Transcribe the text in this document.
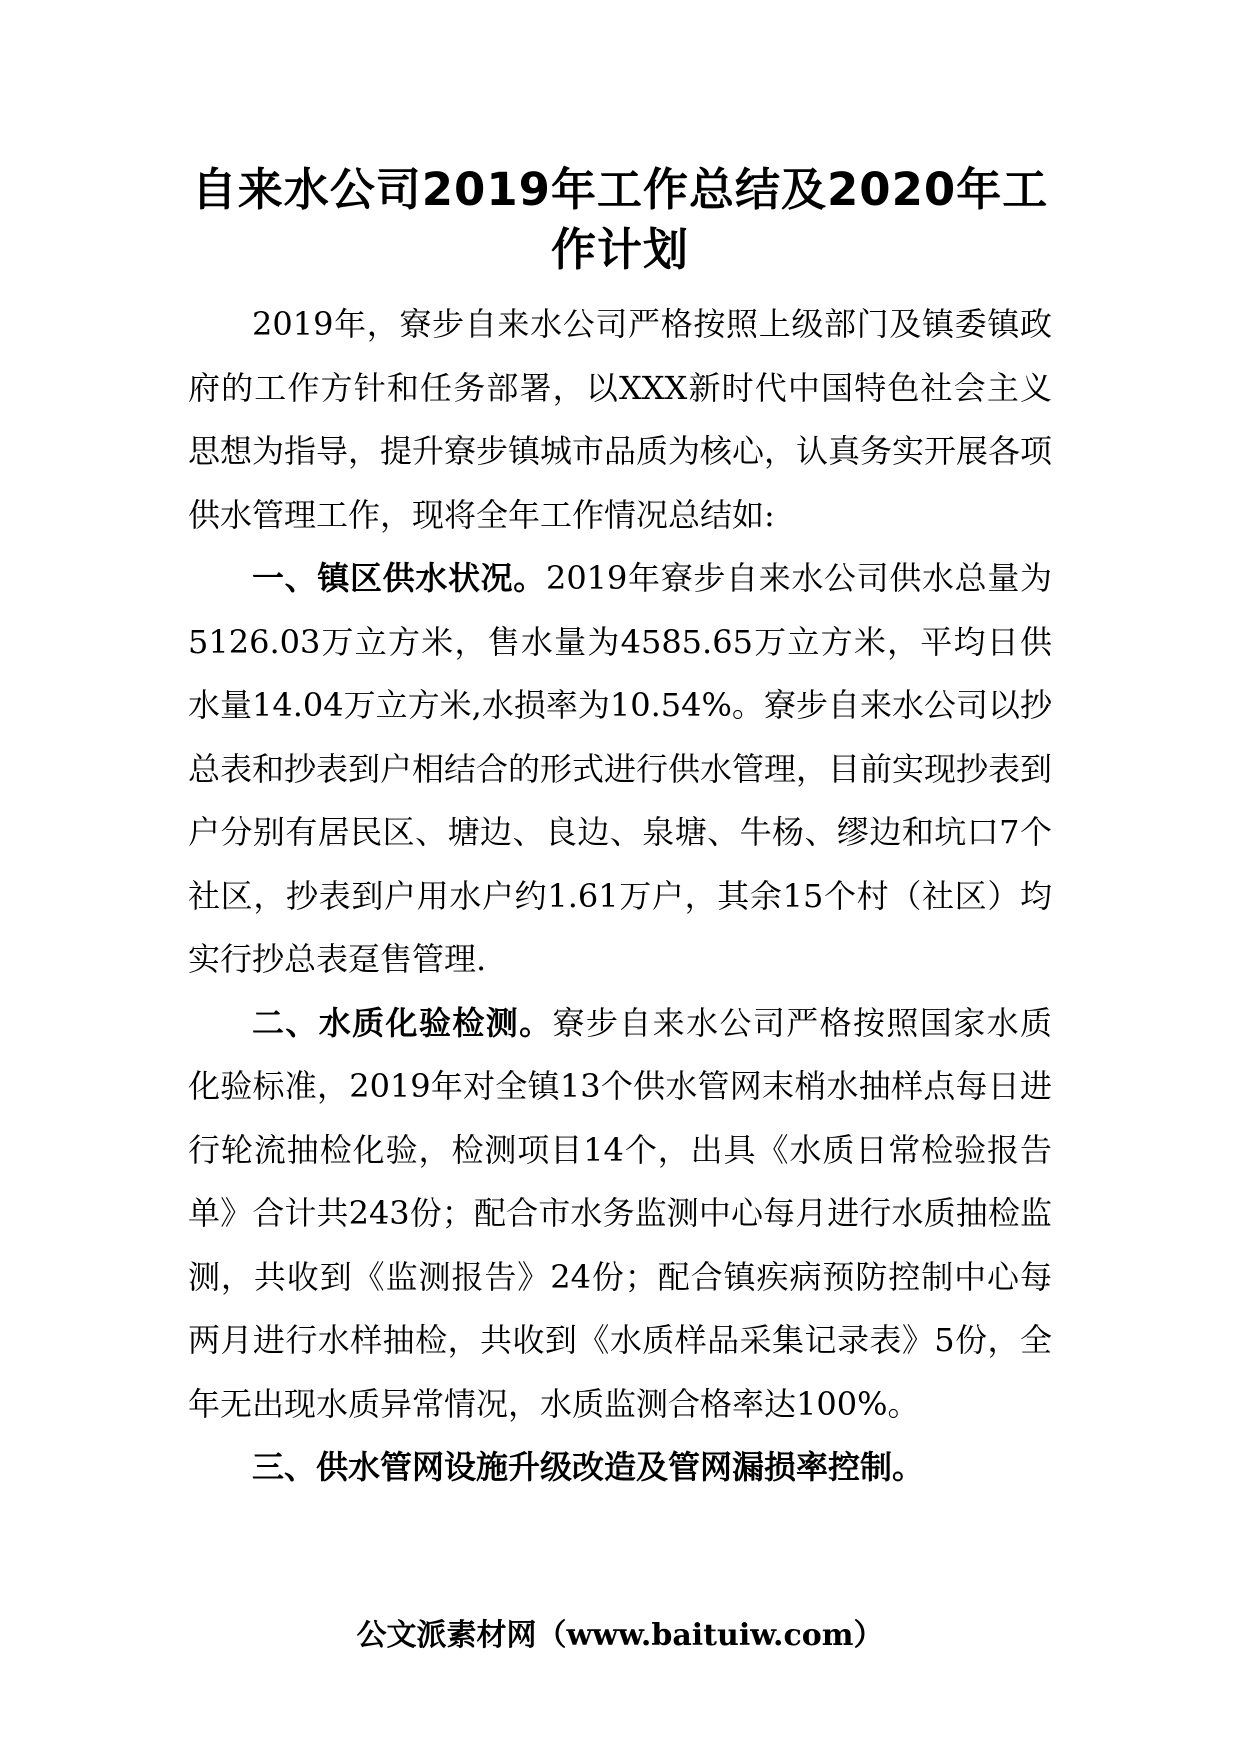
自来水公司2019年工作总结及2020年工作计划

2019年，寮步自来水公司严格按照上级部门及镇委镇政府的工作方针和任务部署，以XXX新时代中国特色社会主义思想为指导，提升寮步镇城市品质为核心，认真务实开展各项供水管理工作，现将全年工作情况总结如:

一、镇区供水状况。2019年寮步自来水公司供水总量为5126.03万立方米，售水量为4585.65万立方米，平均日供水量14.04万立方米,水损率为10.54%。寮步自来水公司以抄总表和抄表到户相结合的形式进行供水管理，目前实现抄表到户分别有居民区、塘边、良边、泉塘、牛杨、缪边和坑口7个社区，抄表到户用水户约1.61万户，其余15个村（社区）均实行抄总表趸售管理.

二、水质化验检测。寮步自来水公司严格按照国家水质化验标准，2019年对全镇13个供水管网末梢水抽样点每日进行轮流抽检化验，检测项目14个，出具《水质日常检验报告单》合计共243份；配合市水务监测中心每月进行水质抽检监测，共收到《监测报告》24份；配合镇疾病预防控制中心每两月进行水样抽检，共收到《水质样品采集记录表》5份，全年无出现水质异常情况，水质监测合格率达100%。

三、供水管网设施升级改造及管网漏损率控制。

公文派素材网（www.baituiw.com）
